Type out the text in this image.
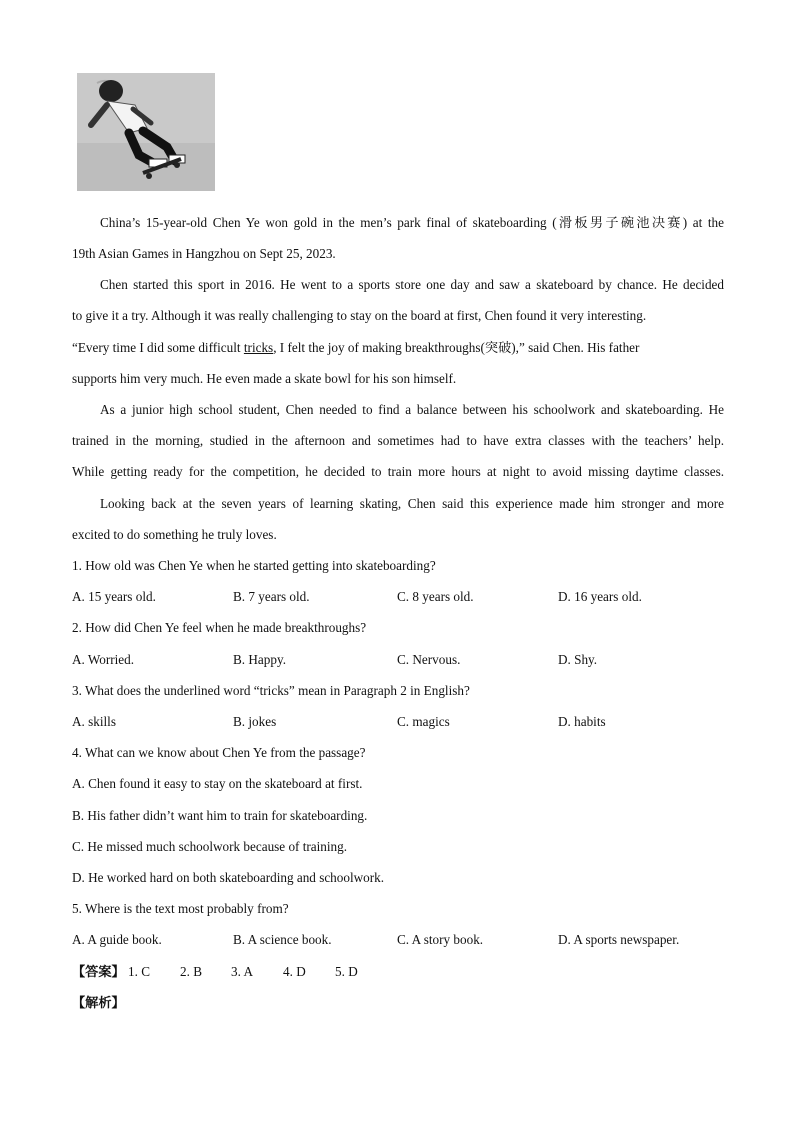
China’s 15-year-old Chen Ye won gold in the men’s park final of skateboarding (滑板男子碗池决赛) at the
19th Asian Games in Hangzhou on Sept 25, 2023.
Chen started this sport in 2016. He went to a sports store one day and saw a skateboard by chance. He decided
to give it a try. Although it was really challenging to stay on the board at first, Chen found it very interesting.
“Every time I did some difficult tricks, I felt the joy of making breakthroughs(突破),” said Chen. His father
supports him very much. He even made a skate bowl for his son himself.
As a junior high school student, Chen needed to find a balance between his schoolwork and skateboarding. He
trained in the morning, studied in the afternoon and sometimes had to have extra classes with the teachers’ help.
While getting ready for the competition, he decided to train more hours at night to avoid missing daytime classes.
Looking back at the seven years of learning skating, Chen said this experience made him stronger and more
excited to do something he truly loves.
1. How old was Chen Ye when he started getting into skateboarding?
A. 15 years old.	B. 7 years old.	C. 8 years old.	D. 16 years old.
2. How did Chen Ye feel when he made breakthroughs?
A. Worried.	B. Happy.	C. Nervous.	D. Shy.
3. What does the underlined word “tricks” mean in Paragraph 2 in English?
A. skills	B. jokes	C. magics	D. habits
4. What can we know about Chen Ye from the passage?
A. Chen found it easy to stay on the skateboard at first.
B. His father didn’t want him to train for skateboarding.
C. He missed much schoolwork because of training.
D. He worked hard on both skateboarding and schoolwork.
5. Where is the text most probably from?
A. A guide book.	B. A science book.	C. A story book.	D. A sports newspaper.
【答案】 1. C 2. B 3. A 4. D 5. D
【解析】
